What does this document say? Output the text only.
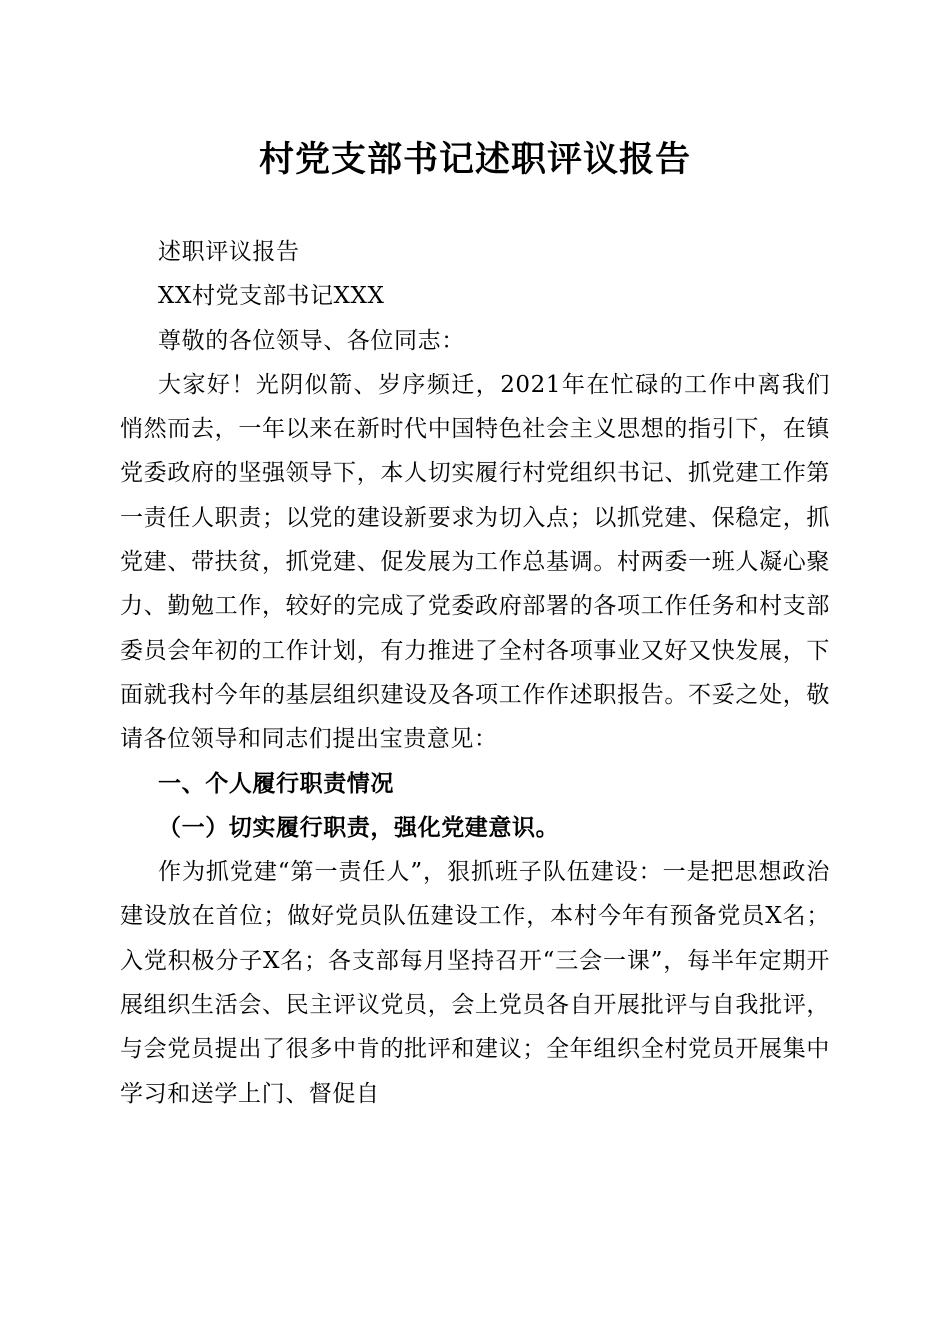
村党支部书记述职评议报告

述职评议报告

XX村党支部书记XXX

尊敬的各位领导、各位同志：

大家好！光阴似箭、岁序频迁，2021年在忙碌的工作中离我们悄然而去，一年以来在新时代中国特色社会主义思想的指引下，在镇党委政府的坚强领导下，本人切实履行村党组织书记、抓党建工作第一责任人职责；以党的建设新要求为切入点；以抓党建、保稳定，抓党建、带扶贫，抓党建、促发展为工作总基调。村两委一班人凝心聚力、勤勉工作，较好的完成了党委政府部署的各项工作任务和村支部委员会年初的工作计划，有力推进了全村各项事业又好又快发展，下面就我村今年的基层组织建设及各项工作作述职报告。不妥之处，敬请各位领导和同志们提出宝贵意见：

一、个人履行职责情况

（一）切实履行职责，强化党建意识。

作为抓党建“第一责任人”，狠抓班子队伍建设：一是把思想政治建设放在首位；做好党员队伍建设工作，本村今年有预备党员X名；入党积极分子X名；各支部每月坚持召开“三会一课”，每半年定期开展组织生活会、民主评议党员，会上党员各自开展批评与自我批评，与会党员提出了很多中肯的批评和建议；全年组织全村党员开展集中学习和送学上门、督促自
